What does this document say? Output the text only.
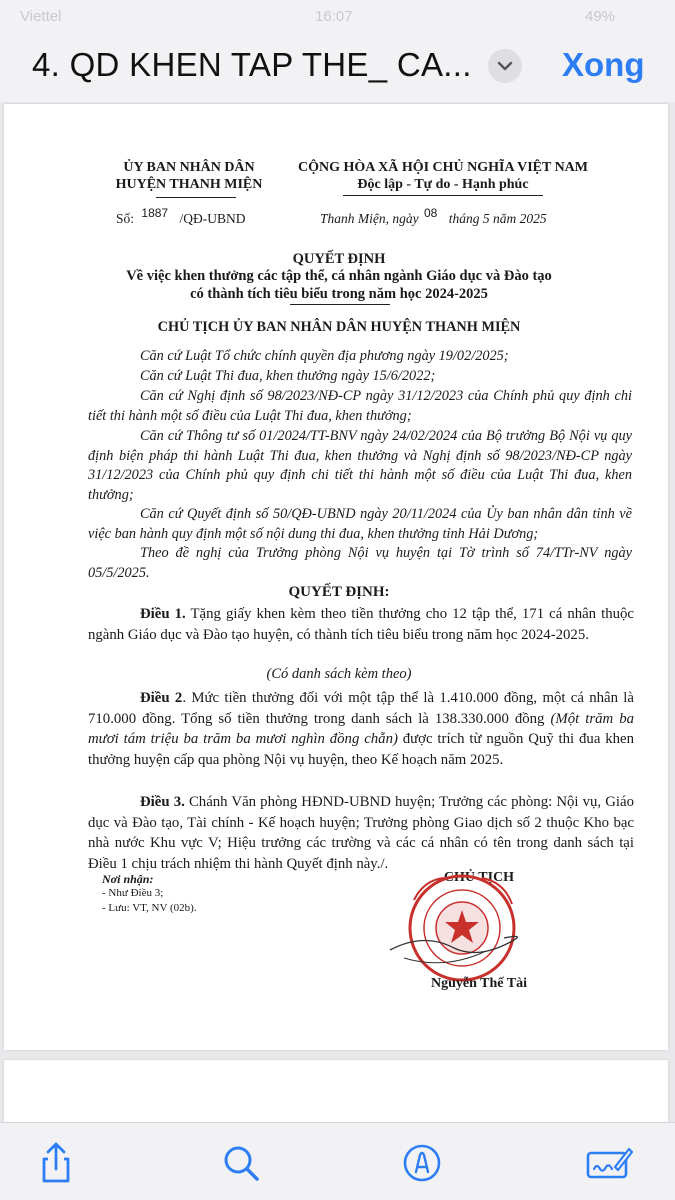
Viettel	16:07	49%
4. QD KHEN TAP THE_ CA...	Xong
ỦY BAN NHÂN DÂN
HUYỆN THANH MIỆN
CỘNG HÒA XÃ HỘI CHỦ NGHĨA VIỆT NAM
Độc lập - Tự do - Hạnh phúc
Số: 1887 /QĐ-UBND	Thanh Miện, ngày 08 tháng 5 năm 2025
QUYẾT ĐỊNH
Về việc khen thưởng các tập thể, cá nhân ngành Giáo dục và Đào tạo
có thành tích tiêu biểu trong năm học 2024-2025
CHỦ TỊCH ỦY BAN NHÂN DÂN HUYỆN THANH MIỆN
Căn cứ Luật Tổ chức chính quyền địa phương ngày 19/02/2025;
Căn cứ Luật Thi đua, khen thưởng ngày 15/6/2022;
Căn cứ Nghị định số 98/2023/NĐ-CP ngày 31/12/2023 của Chính phủ quy định chi tiết thi hành một số điều của Luật Thi đua, khen thưởng;
Căn cứ Thông tư số 01/2024/TT-BNV ngày 24/02/2024 của Bộ trưởng Bộ Nội vụ quy định biện pháp thi hành Luật Thi đua, khen thưởng và Nghị định số 98/2023/NĐ-CP ngày 31/12/2023 của Chính phủ quy định chi tiết thi hành một số điều của Luật Thi đua, khen thưởng;
Căn cứ Quyết định số 50/QĐ-UBND ngày 20/11/2024 của Ủy ban nhân dân tỉnh về việc ban hành quy định một số nội dung thi đua, khen thưởng tỉnh Hải Dương;
Theo đề nghị của Trưởng phòng Nội vụ huyện tại Tờ trình số 74/TTr-NV ngày 05/5/2025.
QUYẾT ĐỊNH:
Điều 1. Tặng giấy khen kèm theo tiền thưởng cho 12 tập thể, 171 cá nhân thuộc ngành Giáo dục và Đào tạo huyện, có thành tích tiêu biểu trong năm học 2024-2025.
(Có danh sách kèm theo)
Điều 2. Mức tiền thưởng đối với một tập thể là 1.410.000 đồng, một cá nhân là 710.000 đồng. Tổng số tiền thưởng trong danh sách là 138.330.000 đồng (Một trăm ba mươi tám triệu ba trăm ba mươi nghìn đồng chẵn) được trích từ nguồn Quỹ thi đua khen thưởng huyện cấp qua phòng Nội vụ huyện, theo Kế hoạch năm 2025.
Điều 3. Chánh Văn phòng HĐND-UBND huyện; Trưởng các phòng: Nội vụ, Giáo dục và Đào tạo, Tài chính - Kế hoạch huyện; Trưởng phòng Giao dịch số 2 thuộc Kho bạc nhà nước Khu vực V; Hiệu trưởng các trường và các cá nhân có tên trong danh sách tại Điều 1 chịu trách nhiệm thi hành Quyết định này./.
Nơi nhận:
- Như Điều 3;
- Lưu: VT, NV (02b).
CHỦ TỊCH
Nguyễn Thế Tài
